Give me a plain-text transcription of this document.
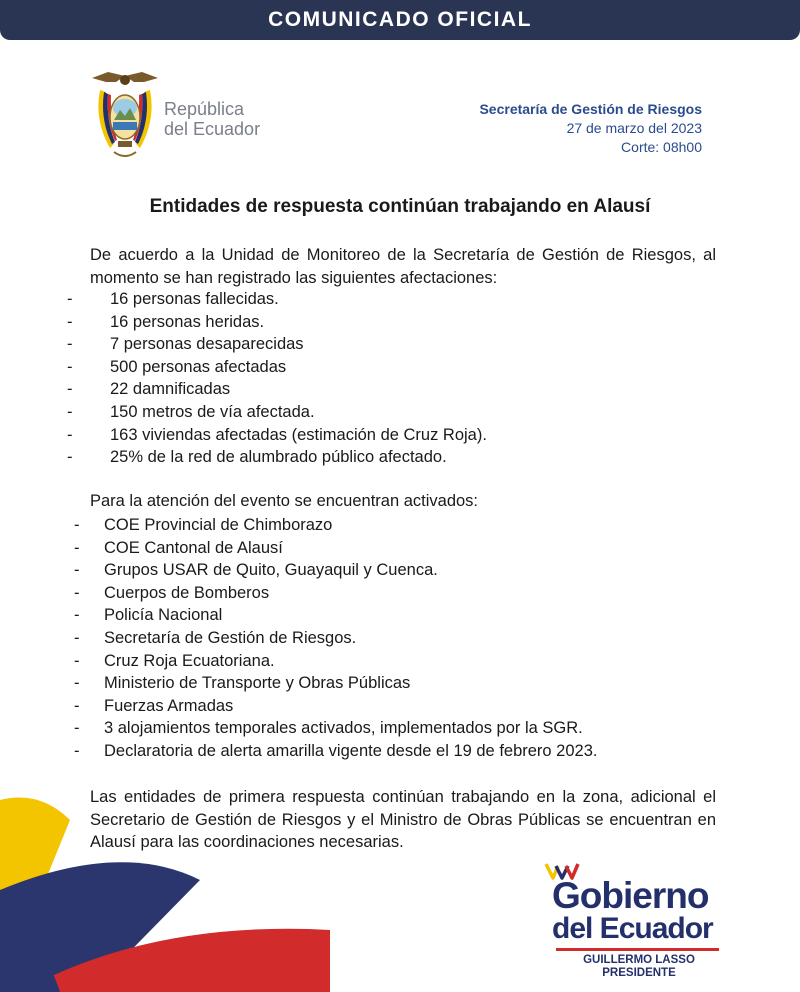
COMUNICADO OFICIAL
República
del Ecuador
Secretaría de Gestión de Riesgos
27 de marzo del 2023
Corte: 08h00
Entidades de respuesta continúan trabajando en Alausí
De acuerdo a la Unidad de Monitoreo de la Secretaría de Gestión de Riesgos, al momento se han registrado las siguientes afectaciones:
- 16 personas fallecidas.
- 16 personas heridas.
- 7 personas desaparecidas
- 500 personas afectadas
- 22 damnificadas
- 150 metros de vía afectada.
- 163 viviendas afectadas (estimación de Cruz Roja).
- 25% de la red de alumbrado público afectado.
Para la atención del evento se encuentran activados:
- COE Provincial de Chimborazo
- COE Cantonal de Alausí
- Grupos USAR de Quito, Guayaquil y Cuenca.
- Cuerpos de Bomberos
- Policía Nacional
- Secretaría de Gestión de Riesgos.
- Cruz Roja Ecuatoriana.
- Ministerio de Transporte y Obras Públicas
- Fuerzas Armadas
- 3 alojamientos temporales activados, implementados por la SGR.
- Declaratoria de alerta amarilla vigente desde el 19 de febrero 2023.
Las entidades de primera respuesta continúan trabajando en la zona, adicional el Secretario de Gestión de Riesgos y el Ministro de Obras Públicas se encuentran en Alausí para las coordinaciones necesarias.
Gobierno
del Ecuador
GUILLERMO LASSO
PRESIDENTE
